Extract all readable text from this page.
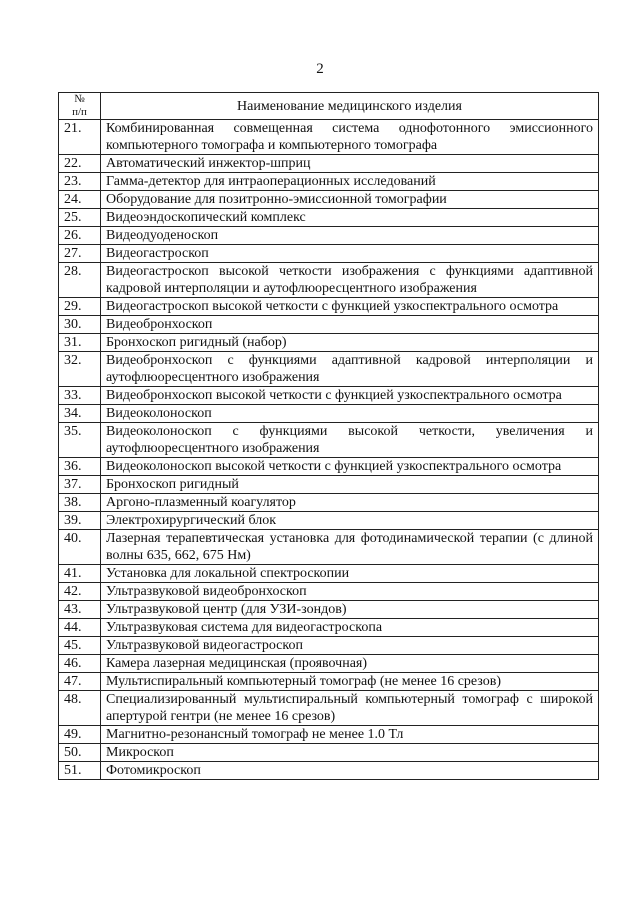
2
№
п/п	Наименование медицинского изделия
21.	Комбинированная совмещенная система однофотонного эмиссионного компьютерного томографа и компьютерного томографа
22.	Автоматический инжектор-шприц
23.	Гамма-детектор для интраоперационных исследований
24.	Оборудование для позитронно-эмиссионной томографии
25.	Видеоэндоскопический комплекс
26.	Видеодуоденоскоп
27.	Видеогастроскоп
28.	Видеогастроскоп высокой четкости изображения с функциями адаптивной кадровой интерполяции и аутофлюоресцентного изображения
29.	Видеогастроскоп высокой четкости с функцией узкоспектрального осмотра
30.	Видеобронхоскоп
31.	Бронхоскоп ригидный (набор)
32.	Видеобронхоскоп с функциями адаптивной кадровой интерполяции и аутофлюоресцентного изображения
33.	Видеобронхоскоп высокой четкости с функцией узкоспектрального осмотра
34.	Видеоколоноскоп
35.	Видеоколоноскоп с функциями высокой четкости, увеличения и аутофлюоресцентного изображения
36.	Видеоколоноскоп высокой четкости с функцией узкоспектрального осмотра
37.	Бронхоскоп ригидный
38.	Аргоно-плазменный коагулятор
39.	Электрохирургический блок
40.	Лазерная терапевтическая установка для фотодинамической терапии (с длиной волны 635, 662, 675 Нм)
41.	Установка для локальной спектроскопии
42.	Ультразвуковой видеобронхоскоп
43.	Ультразвуковой центр (для УЗИ-зондов)
44.	Ультразвуковая система для видеогастроскопа
45.	Ультразвуковой видеогастроскоп
46.	Камера лазерная медицинская (проявочная)
47.	Мультиспиральный компьютерный томограф (не менее 16 срезов)
48.	Специализированный мультиспиральный компьютерный томограф с широкой апертурой гентри (не менее 16 срезов)
49.	Магнитно-резонансный томограф не менее 1.0 Тл
50.	Микроскоп
51.	Фотомикроскоп
